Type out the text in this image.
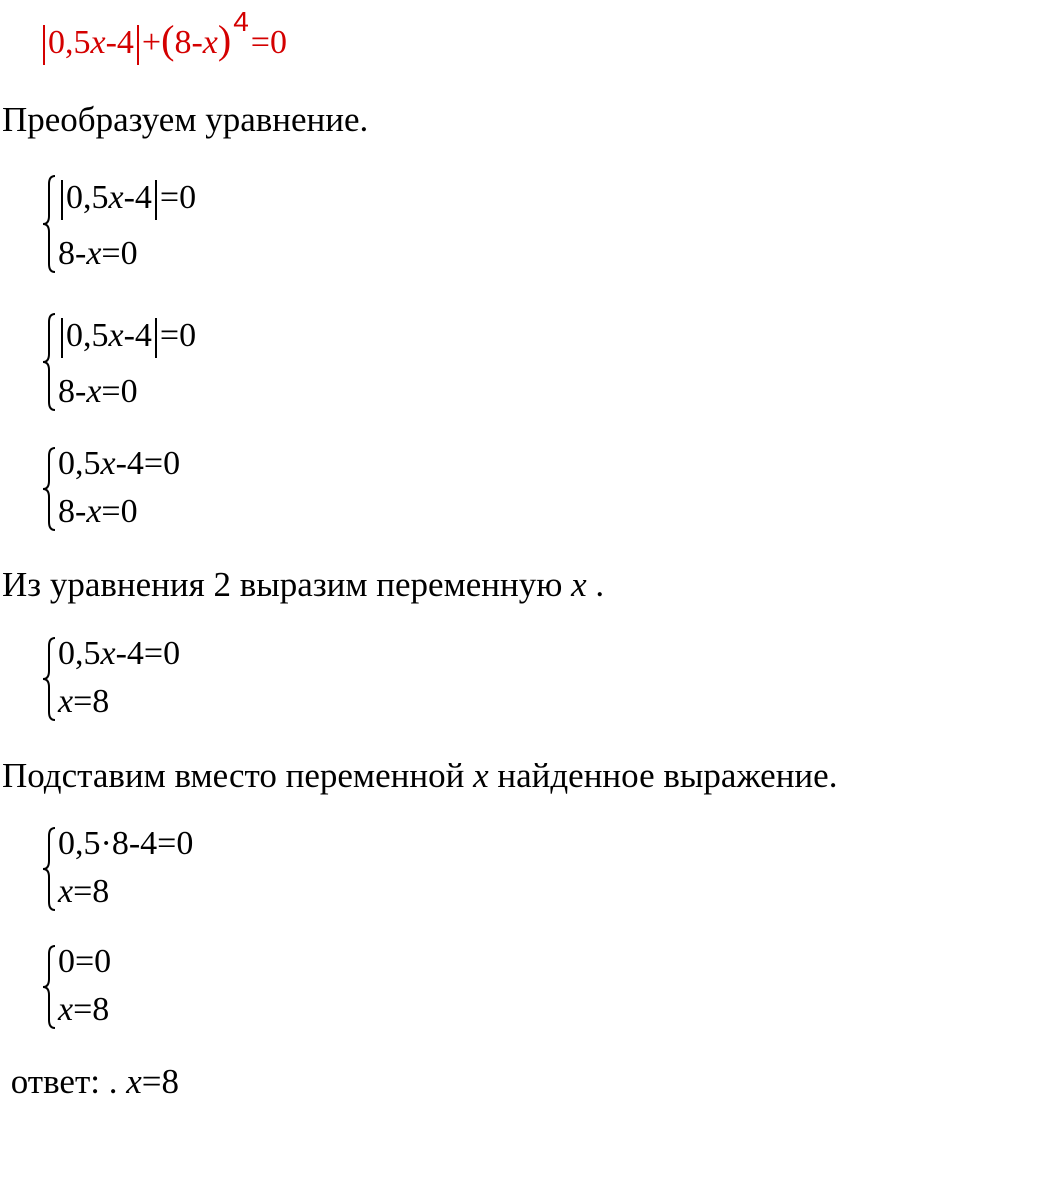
$0,5x-4 +(8-x)^4=0$
Преобразуем уравнение.
0,5x-4 =0
8-x=0
0,5x-4 =0
8-x=0
0,5x-4=0
8-x=0
Из уравнения 2 выразим переменную x .
0,5x-4=0
x=8
Подставим вместо переменной x найденное выражение.
0,5·8-4=0
x=8
0=0
x=8
ответ: . x=8
